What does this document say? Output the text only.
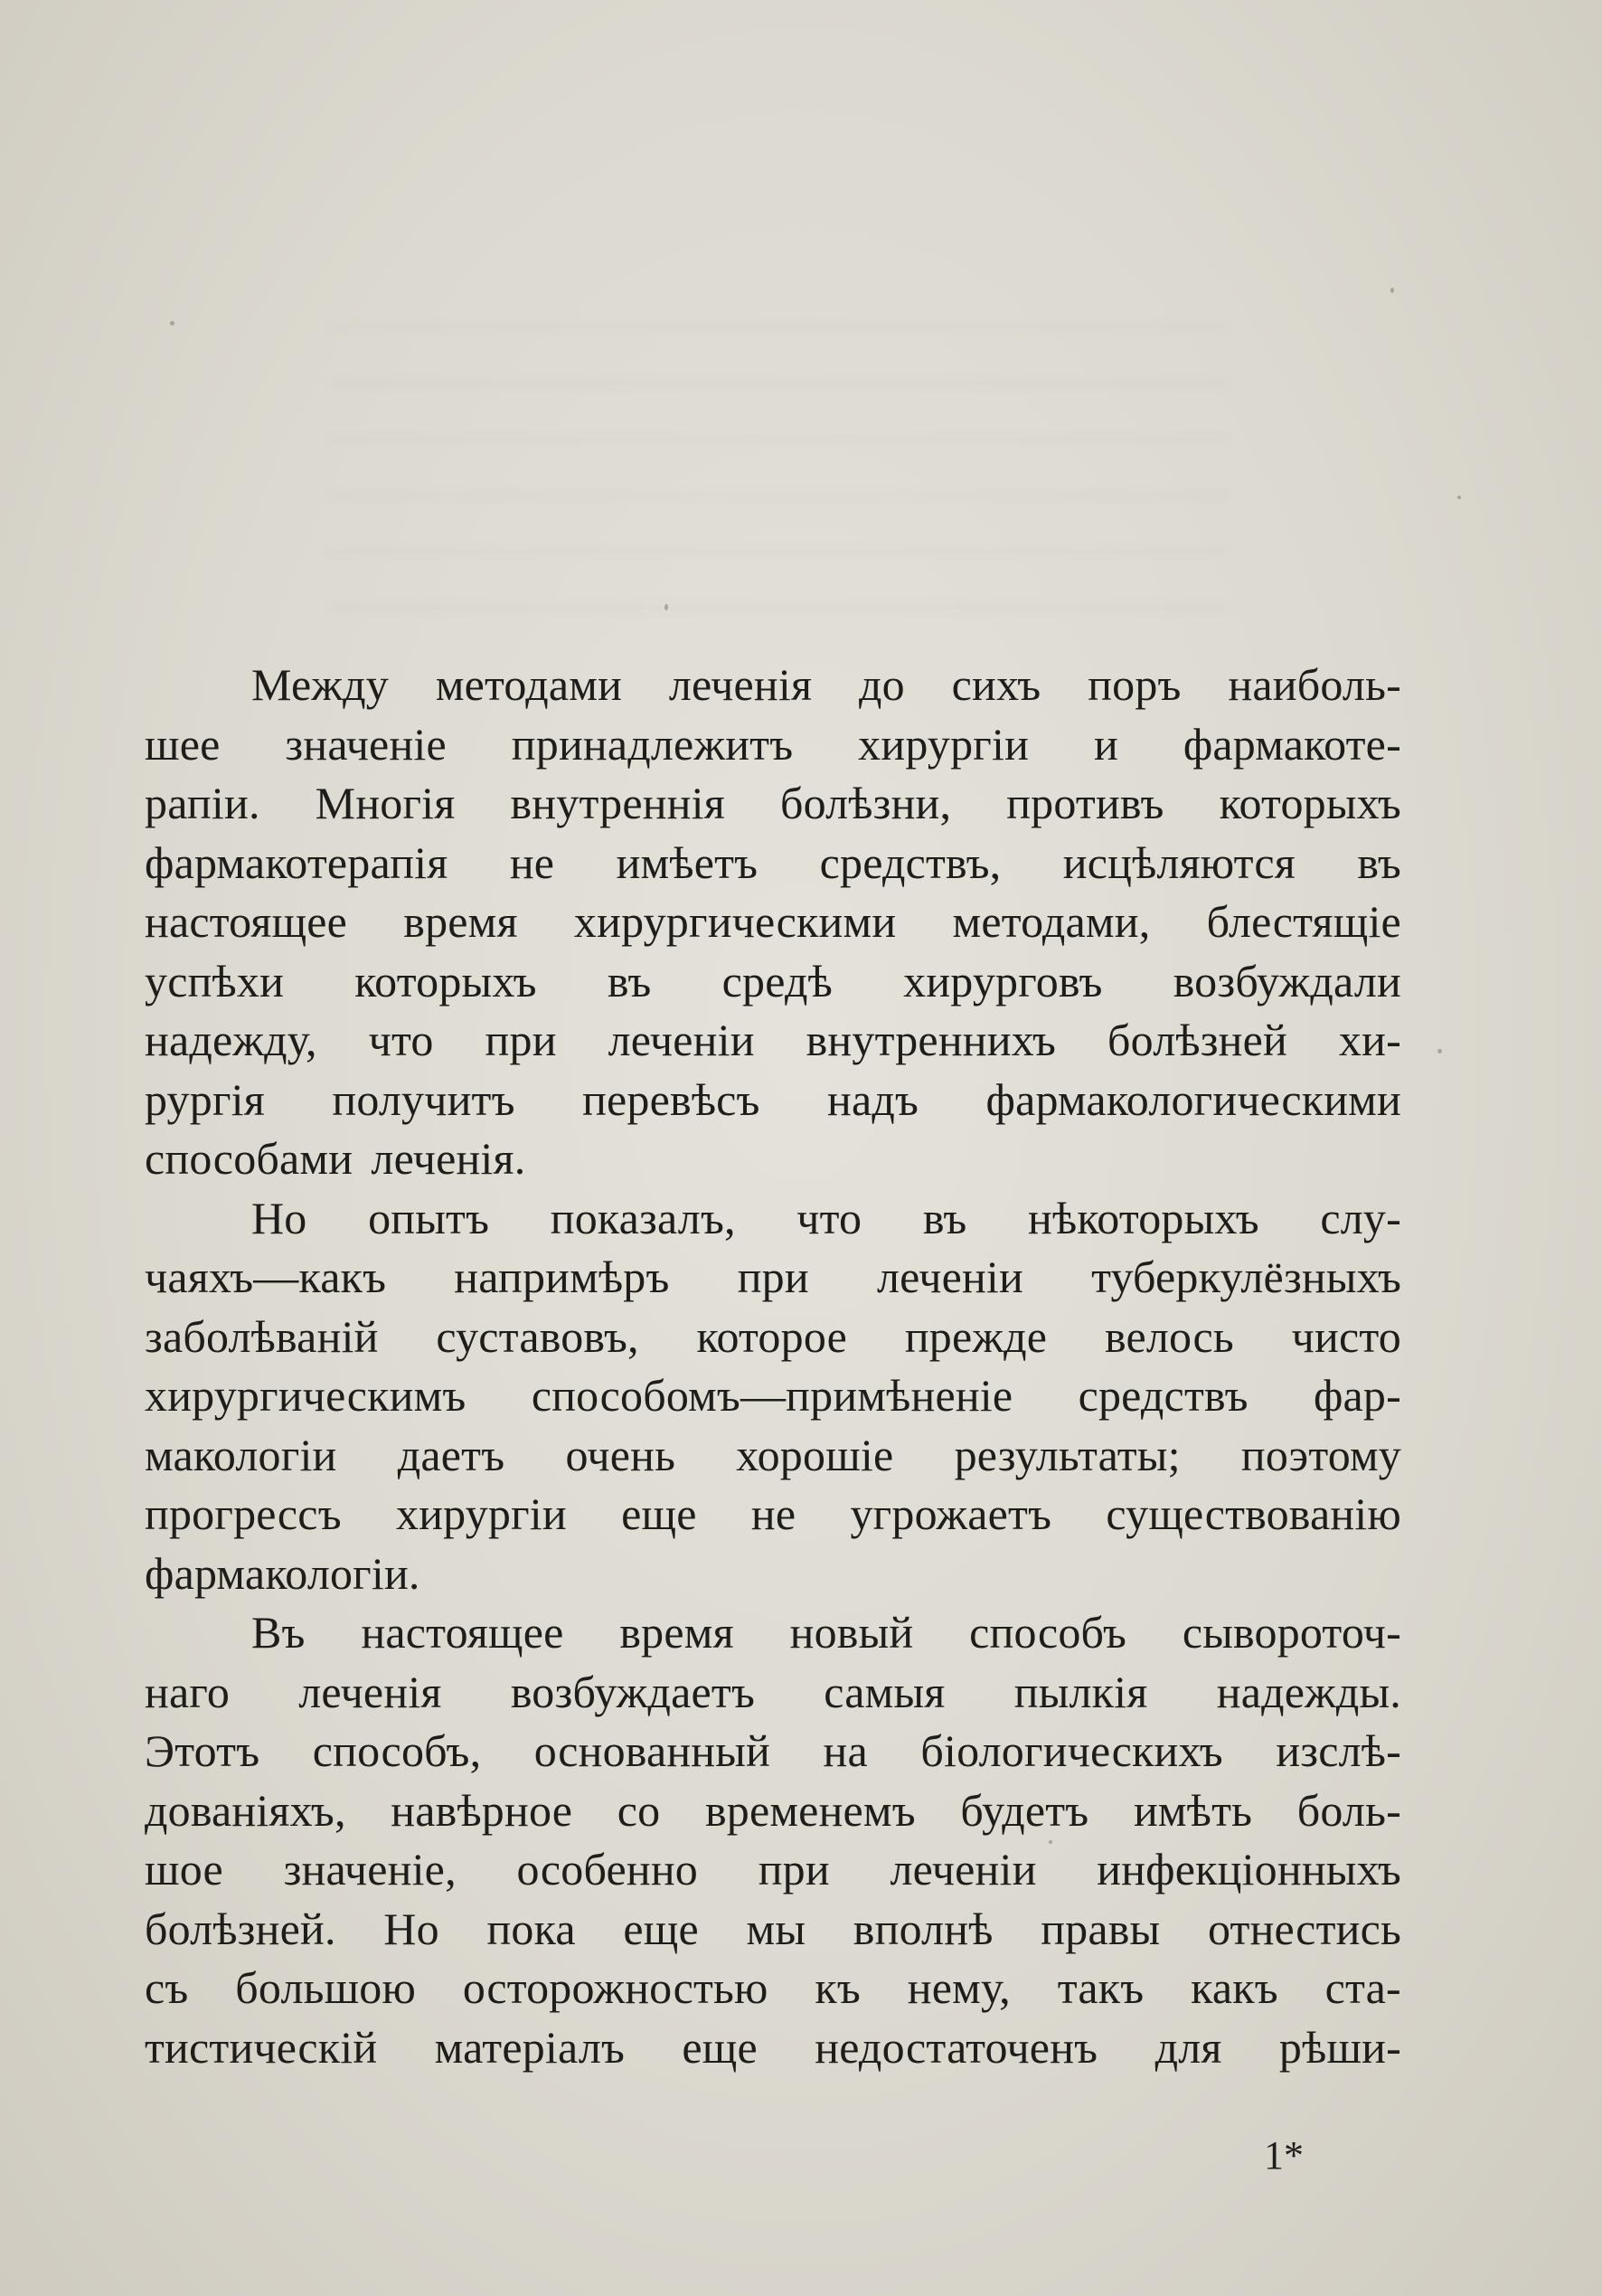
Между методами леченія до сихъ поръ наиболь-
шее значеніе принадлежитъ хирургіи и фармакоте-
рапіи. Многія внутреннія болѣзни, противъ которыхъ
фармакотерапія не имѣетъ средствъ, исцѣляются въ
настоящее время хирургическими методами, блестящіе
успѣхи которыхъ въ средѣ хирурговъ возбуждали
надежду, что при леченіи внутреннихъ болѣзней хи-
рургія получитъ перевѣсъ надъ фармакологическими
способами леченія.
Но опытъ показалъ, что въ нѣкоторыхъ слу-
чаяхъ—какъ напримѣръ при леченіи туберкулёзныхъ
заболѣваній суставовъ, которое прежде велось чисто
хирургическимъ способомъ—примѣненіе средствъ фар-
макологіи даетъ очень хорошіе результаты; поэтому
прогрессъ хирургіи еще не угрожаетъ существованію
фармакологіи.
Въ настоящее время новый способъ сывороточ-
наго леченія возбуждаетъ самыя пылкія надежды.
Этотъ способъ, основанный на біологическихъ изслѣ-
дованіяхъ, навѣрное со временемъ будетъ имѣть боль-
шое значеніе, особенно при леченіи инфекціонныхъ
болѣзней. Но пока еще мы вполнѣ правы отнестись
съ большою осторожностью къ нему, такъ какъ ста-
тистическій матеріалъ еще недостаточенъ для рѣши-
1*
